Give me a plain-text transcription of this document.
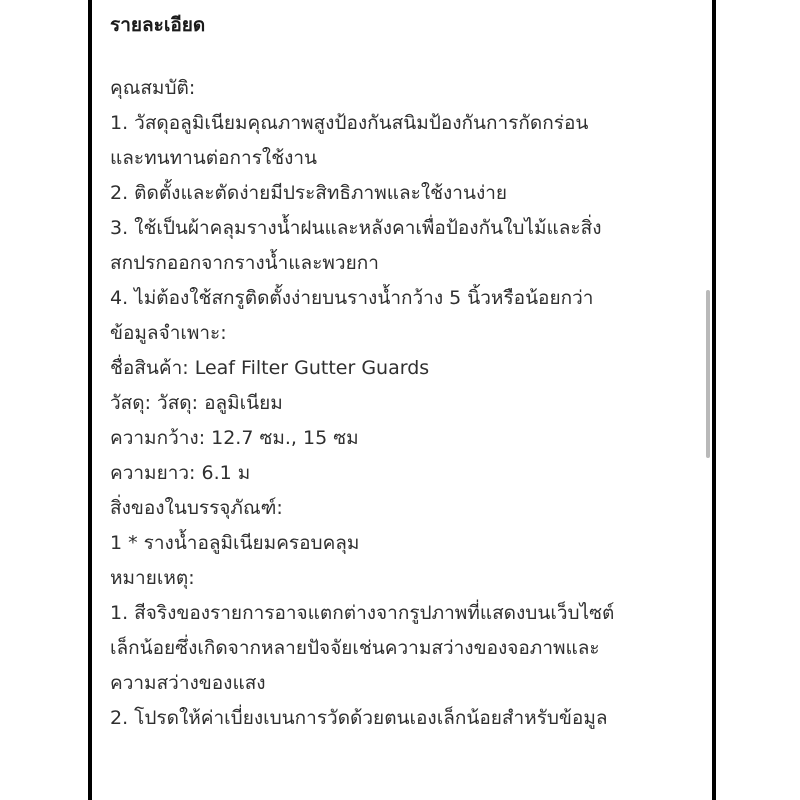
รายละเอียด
คุณสมบัติ:
1. วัสดุอลูมิเนียมคุณภาพสูงป้องกันสนิมป้องกันการกัดกร่อน
และทนทานต่อการใช้งาน
2. ติดตั้งและตัดง่ายมีประสิทธิภาพและใช้งานง่าย
3. ใช้เป็นผ้าคลุมรางน้ำฝนและหลังคาเพื่อป้องกันใบไม้และสิ่ง
สกปรกออกจากรางน้ำและพวยกา
4. ไม่ต้องใช้สกรูติดตั้งง่ายบนรางน้ำกว้าง 5 นิ้วหรือน้อยกว่า
ข้อมูลจำเพาะ:
ชื่อสินค้า: Leaf Filter Gutter Guards
วัสดุ: วัสดุ: อลูมิเนียม
ความกว้าง: 12.7 ซม., 15 ซม
ความยาว: 6.1 ม
สิ่งของในบรรจุภัณฑ์:
1 * รางน้ำอลูมิเนียมครอบคลุม
หมายเหตุ:
1. สีจริงของรายการอาจแตกต่างจากรูปภาพที่แสดงบนเว็บไซต์
เล็กน้อยซึ่งเกิดจากหลายปัจจัยเช่นความสว่างของจอภาพและ
ความสว่างของแสง
2. โปรดให้ค่าเบี่ยงเบนการวัดด้วยตนเองเล็กน้อยสำหรับข้อมูล
